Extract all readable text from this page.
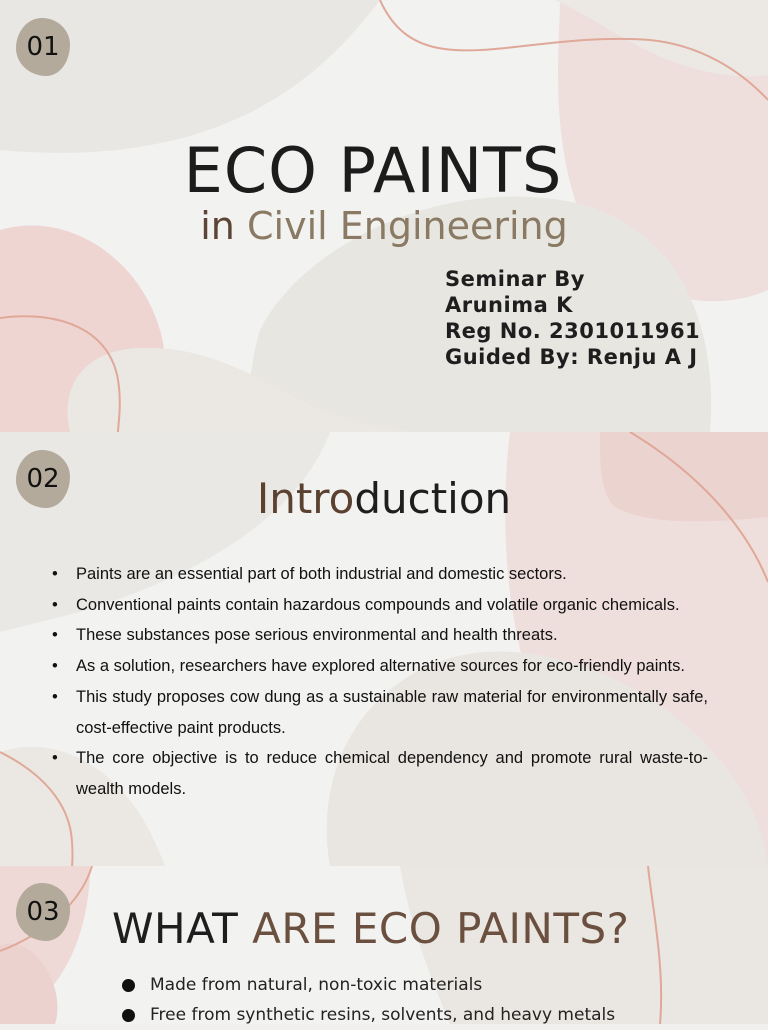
01
ECO PAINTS
in Civil Engineering
Seminar By
Arunima K
Reg No. 2301011961
Guided By: Renju A J
02	Introduction
• Paints are an essential part of both industrial and domestic sectors.
• Conventional paints contain hazardous compounds and volatile organic chemicals.
• These substances pose serious environmental and health threats.
• As a solution, researchers have explored alternative sources for eco-friendly paints.
• This study proposes cow dung as a sustainable raw material for environmentally safe, cost-effective paint products.
• The core objective is to reduce chemical dependency and promote rural waste-to-wealth models.
03 WHAT ARE ECO PAINTS?
Made from natural, non-toxic materials
Free from synthetic resins, solvents, and heavy metals
